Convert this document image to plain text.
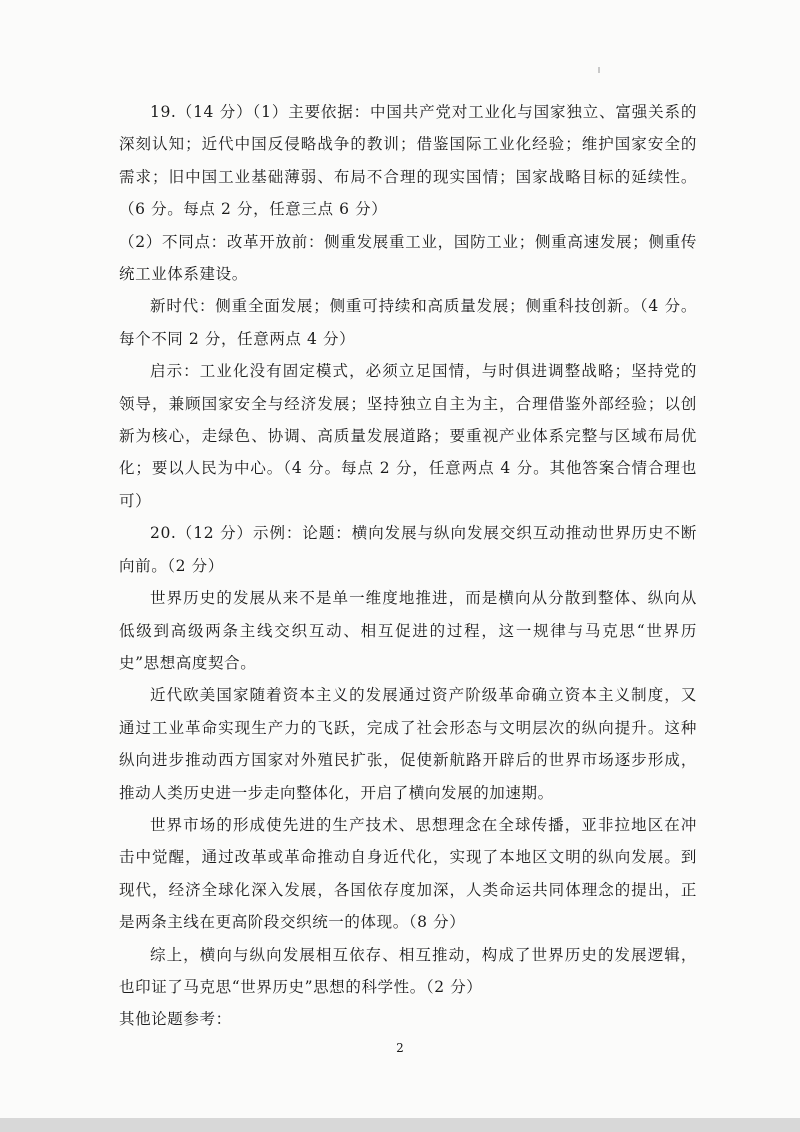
19.（14 分）（1）主要依据：中国共产党对工业化与国家独立、富强关系的深刻认知；近代中国反侵略战争的教训；借鉴国际工业化经验；维护国家安全的需求；旧中国工业基础薄弱、布局不合理的现实国情；国家战略目标的延续性。（6 分。每点 2 分，任意三点 6 分）

（2）不同点：改革开放前：侧重发展重工业，国防工业；侧重高速发展；侧重传统工业体系建设。

新时代：侧重全面发展；侧重可持续和高质量发展；侧重科技创新。（4 分。每个不同 2 分，任意两点 4 分）

启示：工业化没有固定模式，必须立足国情，与时俱进调整战略；坚持党的领导，兼顾国家安全与经济发展；坚持独立自主为主，合理借鉴外部经验；以创新为核心，走绿色、协调、高质量发展道路；要重视产业体系完整与区域布局优化；要以人民为中心。（4 分。每点 2 分，任意两点 4 分。其他答案合情合理也可）

20.（12 分）示例：论题：横向发展与纵向发展交织互动推动世界历史不断向前。（2 分）

世界历史的发展从来不是单一维度地推进，而是横向从分散到整体、纵向从低级到高级两条主线交织互动、相互促进的过程，这一规律与马克思“世界历史”思想高度契合。

近代欧美国家随着资本主义的发展通过资产阶级革命确立资本主义制度，又通过工业革命实现生产力的飞跃，完成了社会形态与文明层次的纵向提升。这种纵向进步推动西方国家对外殖民扩张，促使新航路开辟后的世界市场逐步形成，推动人类历史进一步走向整体化，开启了横向发展的加速期。

世界市场的形成使先进的生产技术、思想理念在全球传播，亚非拉地区在冲击中觉醒，通过改革或革命推动自身近代化，实现了本地区文明的纵向发展。到现代，经济全球化深入发展，各国依存度加深，人类命运共同体理念的提出，正是两条主线在更高阶段交织统一的体现。（8 分）

综上，横向与纵向发展相互依存、相互推动，构成了世界历史的发展逻辑，也印证了马克思“世界历史”思想的科学性。（2 分）

其他论题参考：

2
